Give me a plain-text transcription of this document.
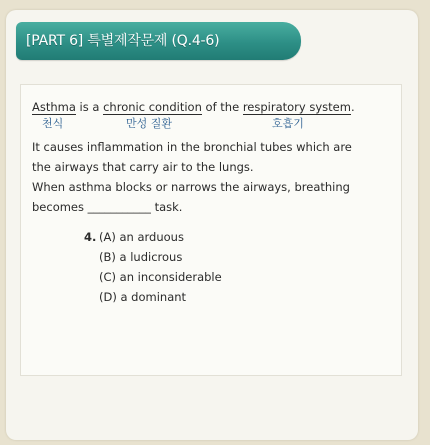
[PART 6] 특별제작문제 (Q.4-6)
Asthma is a chronic condition of the respiratory system.
천식	만성 질환	호흡기
It causes inflammation in the bronchial tubes which are
the airways that carry air to the lungs.
When asthma blocks or narrows the airways, breathing
becomes ___________ task.
4. (A) an arduous
(B) a ludicrous
(C) an inconsiderable
(D) a dominant
